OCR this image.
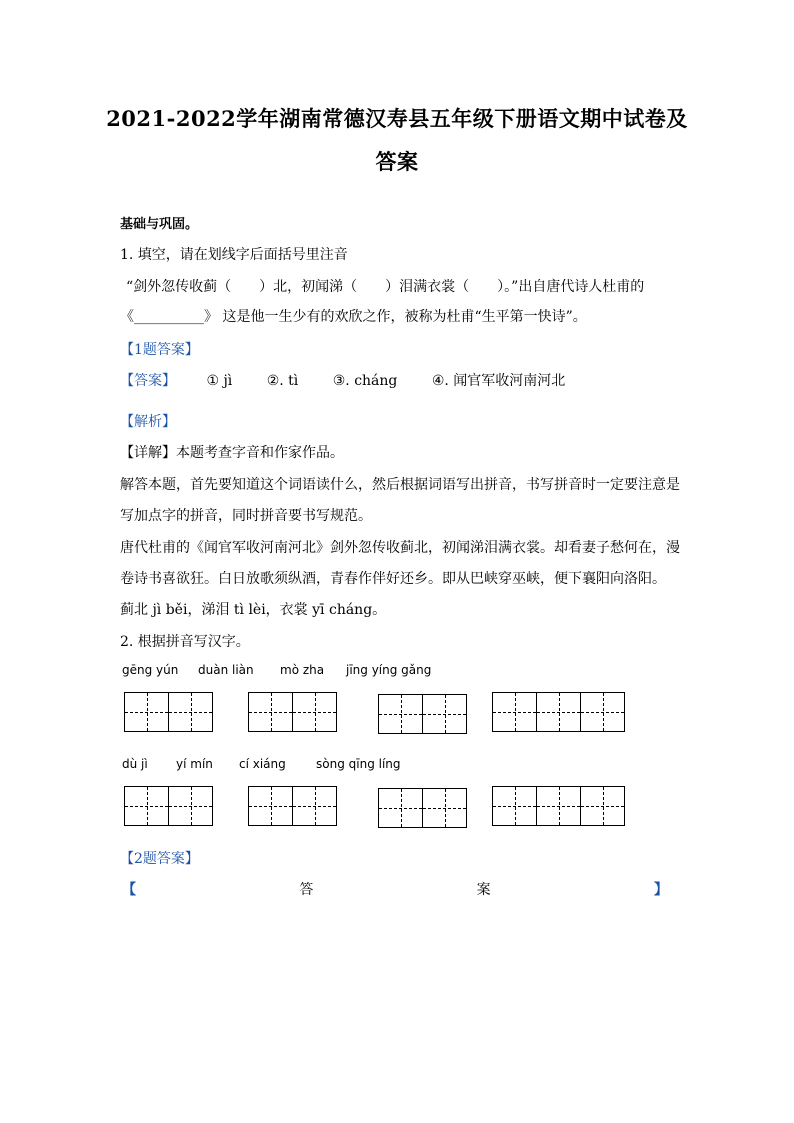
2021-2022学年湖南常德汉寿县五年级下册语文期中试卷及
答案
基础与巩固。
1. 填空，请在划线字后面括号里注音
“剑外忽传收蓟（　　）北，初闻涕（　　）泪满衣裳（　　）。”出自唐代诗人杜甫的
《__________》 这是他一生少有的欢欣之作，被称为杜甫“生平第一快诗”。
【1题答案】
【答案】 ① jì ②. tì ③. cháng ④. 闻官军收河南河北
【解析】
【详解】本题考查字音和作家作品。
解答本题，首先要知道这个词语读什么，然后根据词语写出拼音，书写拼音时一定要注意是
写加点字的拼音，同时拼音要书写规范。
唐代杜甫的《闻官军收河南河北》剑外忽传收蓟北，初闻涕泪满衣裳。却看妻子愁何在，漫
卷诗书喜欲狂。白日放歌须纵酒，青春作伴好还乡。即从巴峡穿巫峡，便下襄阳向洛阳。
蓟北 jì běi，涕泪 tì lèi，衣裳 yī cháng。
2. 根据拼音写汉字。
gēng yún duàn liàn mò zha jīng yíng gǎng
dù jì yí mín cí xiáng	sòng qīng líng
【2题答案】
【	答	案	】
